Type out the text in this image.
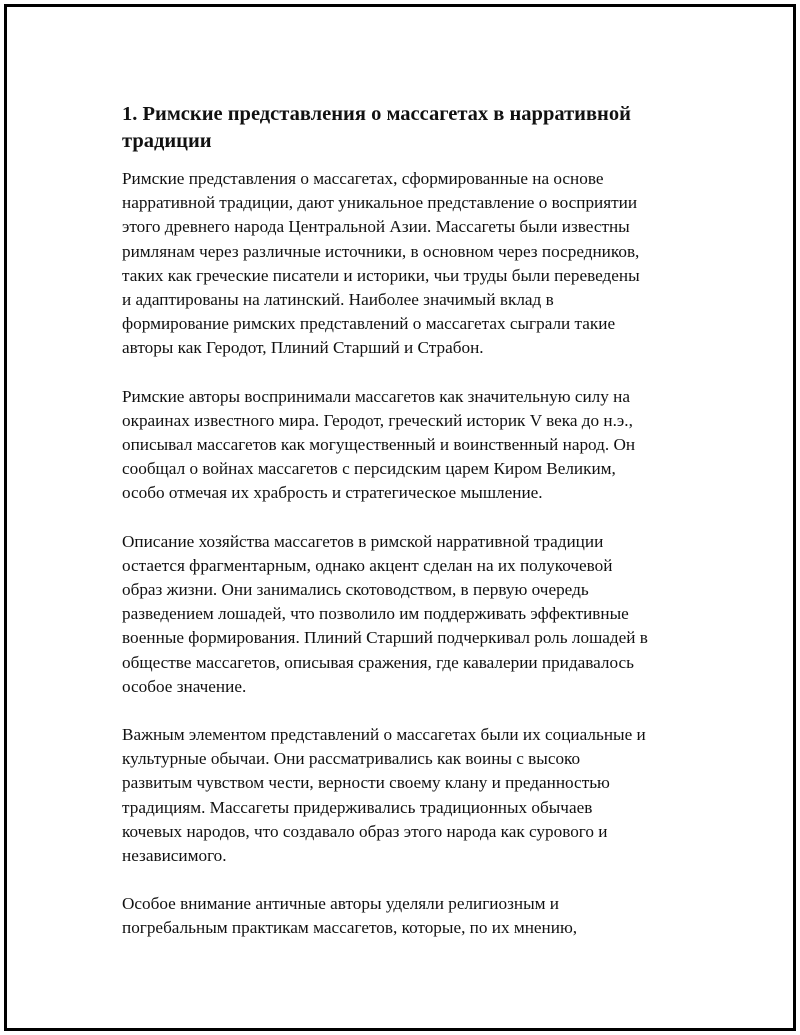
1. Римские представления о массагетах в нарративной
традиции

Римские представления о массагетах, сформированные на основе
нарративной традиции, дают уникальное представление о восприятии
этого древнего народа Центральной Азии. Массагеты были известны
римлянам через различные источники, в основном через посредников,
таких как греческие писатели и историки, чьи труды были переведены
и адаптированы на латинский. Наиболее значимый вклад в
формирование римских представлений о массагетах сыграли такие
авторы как Геродот, Плиний Старший и Страбон.

Римские авторы воспринимали массагетов как значительную силу на
окраинах известного мира. Геродот, греческий историк V века до н.э.,
описывал массагетов как могущественный и воинственный народ. Он
сообщал о войнах массагетов с персидским царем Киром Великим,
особо отмечая их храбрость и стратегическое мышление.

Описание хозяйства массагетов в римской нарративной традиции
остается фрагментарным, однако акцент сделан на их полукочевой
образ жизни. Они занимались скотоводством, в первую очередь
разведением лошадей, что позволило им поддерживать эффективные
военные формирования. Плиний Старший подчеркивал роль лошадей в
обществе массагетов, описывая сражения, где кавалерии придавалось
особое значение.

Важным элементом представлений о массагетах были их социальные и
культурные обычаи. Они рассматривались как воины с высоко
развитым чувством чести, верности своему клану и преданностью
традициям. Массагеты придерживались традиционных обычаев
кочевых народов, что создавало образ этого народа как сурового и
независимого.

Особое внимание античные авторы уделяли религиозным и
погребальным практикам массагетов, которые, по их мнению,
